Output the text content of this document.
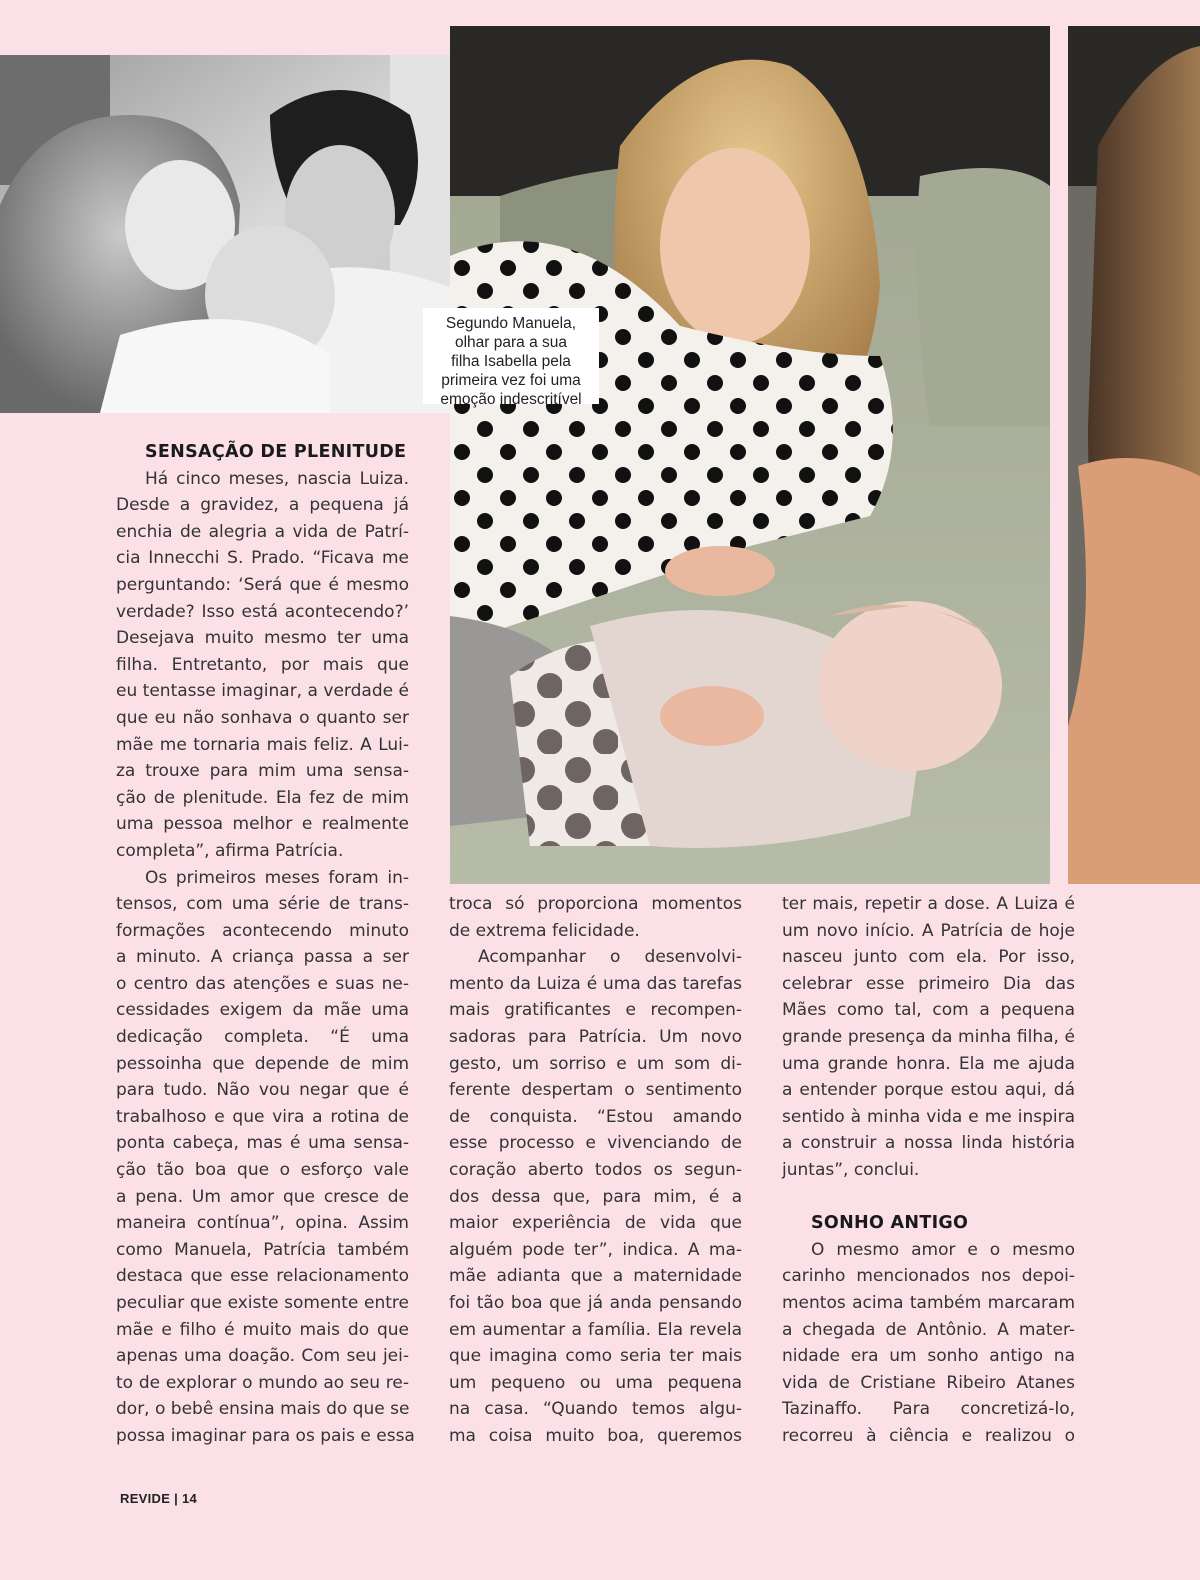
Segundo Manuela,
olhar para a sua
filha Isabella pela
primeira vez foi uma
emoção indescritível
SENSAÇÃO DE PLENITUDE
Há cinco meses, nascia Luiza.
Desde a gravidez, a pequena já
enchia de alegria a vida de Patrí-
cia Innecchi S. Prado. “Ficava me
perguntando: ‘Será que é mesmo
verdade? Isso está acontecendo?’
Desejava muito mesmo ter uma
filha. Entretanto, por mais que
eu tentasse imaginar, a verdade é
que eu não sonhava o quanto ser
mãe me tornaria mais feliz. A Lui-
za trouxe para mim uma sensa-
ção de plenitude. Ela fez de mim
uma pessoa melhor e realmente
completa”, afirma Patrícia.
Os primeiros meses foram in-
tensos, com uma série de trans-
formações acontecendo minuto
a minuto. A criança passa a ser
o centro das atenções e suas ne-
cessidades exigem da mãe uma
dedicação completa. “É uma
pessoinha que depende de mim
para tudo. Não vou negar que é
trabalhoso e que vira a rotina de
ponta cabeça, mas é uma sensa-
ção tão boa que o esforço vale
a pena. Um amor que cresce de
maneira contínua”, opina. Assim
como Manuela, Patrícia também
destaca que esse relacionamento
peculiar que existe somente entre
mãe e filho é muito mais do que
apenas uma doação. Com seu jei-
to de explorar o mundo ao seu re-
dor, o bebê ensina mais do que se
possa imaginar para os pais e essa
troca só proporciona momentos
de extrema felicidade.
Acompanhar o desenvolvi-
mento da Luiza é uma das tarefas
mais gratificantes e recompen-
sadoras para Patrícia. Um novo
gesto, um sorriso e um som di-
ferente despertam o sentimento
de conquista. “Estou amando
esse processo e vivenciando de
coração aberto todos os segun-
dos dessa que, para mim, é a
maior experiência de vida que
alguém pode ter”, indica. A ma-
mãe adianta que a maternidade
foi tão boa que já anda pensando
em aumentar a família. Ela revela
que imagina como seria ter mais
um pequeno ou uma pequena
na casa. “Quando temos algu-
ma coisa muito boa, queremos
ter mais, repetir a dose. A Luiza é
um novo início. A Patrícia de hoje
nasceu junto com ela. Por isso,
celebrar esse primeiro Dia das
Mães como tal, com a pequena
grande presença da minha filha, é
uma grande honra. Ela me ajuda
a entender porque estou aqui, dá
sentido à minha vida e me inspira
a construir a nossa linda história
juntas”, conclui.
SONHO ANTIGO
O mesmo amor e o mesmo
carinho mencionados nos depoi-
mentos acima também marcaram
a chegada de Antônio. A mater-
nidade era um sonho antigo na
vida de Cristiane Ribeiro Atanes
Tazinaffo. Para concretizá-lo,
recorreu à ciência e realizou o
REVIDE | 14
